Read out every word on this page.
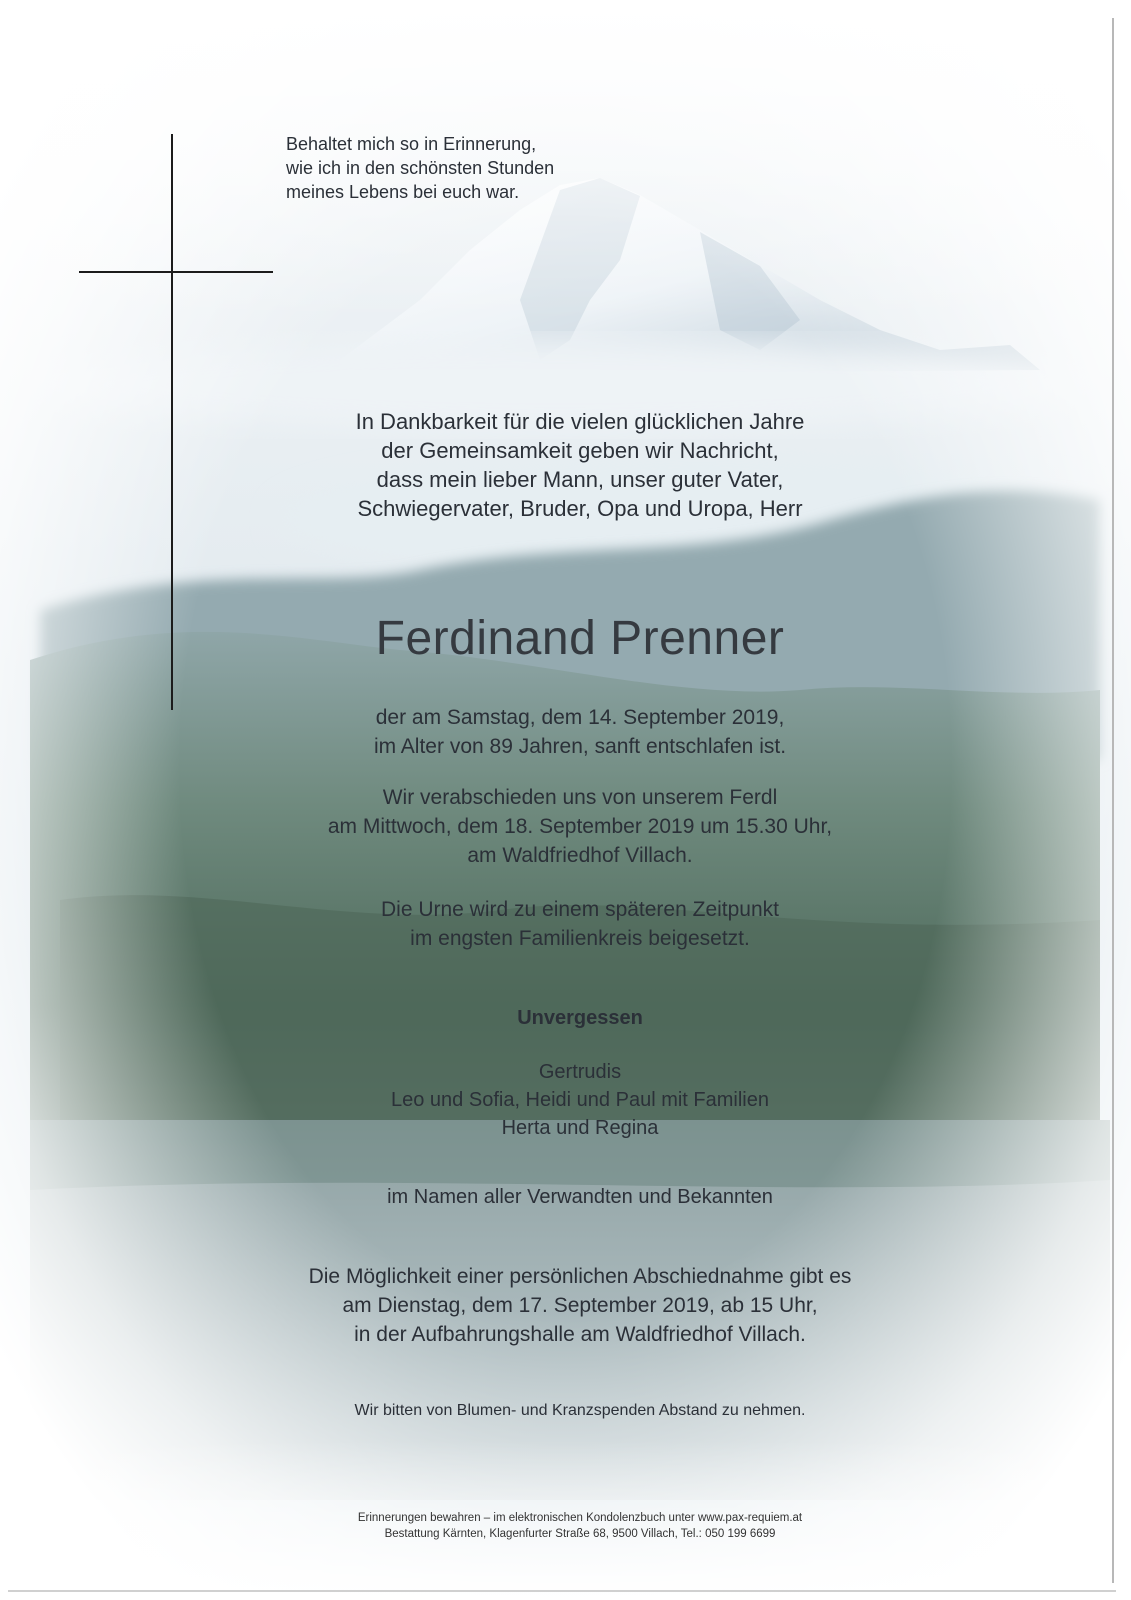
Behaltet mich so in Erinnerung,
wie ich in den schönsten Stunden
meines Lebens bei euch war.
In Dankbarkeit für die vielen glücklichen Jahre
der Gemeinsamkeit geben wir Nachricht,
dass mein lieber Mann, unser guter Vater,
Schwiegervater, Bruder, Opa und Uropa, Herr
Ferdinand Prenner
der am Samstag, dem 14. September 2019,
im Alter von 89 Jahren, sanft entschlafen ist.
Wir verabschieden uns von unserem Ferdl
am Mittwoch, dem 18. September 2019 um 15.30 Uhr,
am Waldfriedhof Villach.
Die Urne wird zu einem späteren Zeitpunkt
im engsten Familienkreis beigesetzt.
Unvergessen
Gertrudis
Leo und Sofia, Heidi und Paul mit Familien
Herta und Regina
im Namen aller Verwandten und Bekannten
Die Möglichkeit einer persönlichen Abschiednahme gibt es
am Dienstag, dem 17. September 2019, ab 15 Uhr,
in der Aufbahrungshalle am Waldfriedhof Villach.
Wir bitten von Blumen- und Kranzspenden Abstand zu nehmen.
Erinnerungen bewahren – im elektronischen Kondolenzbuch unter www.pax-requiem.at
Bestattung Kärnten, Klagenfurter Straße 68, 9500 Villach, Tel.: 050 199 6699
